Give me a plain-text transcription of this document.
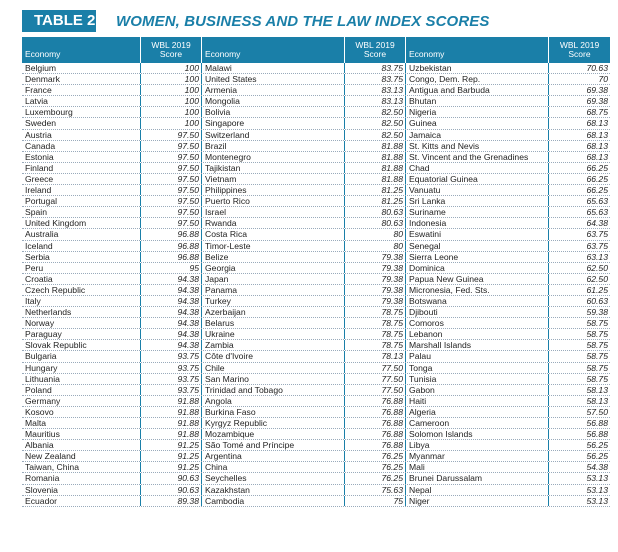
TABLE 2 WOMEN, BUSINESS AND THE LAW INDEX SCORES
Economy
WBL 2019
Score	Economy
WBL 2019
Score	Economy
WBL 2019
Score
Belgium	100 Malawi	83.75 Uzbekistan	70.63
Denmark	100 United States	83.75 Congo, Dem. Rep.	70
France	100 Armenia	83.13 Antigua and Barbuda	69.38
Latvia	100 Mongolia	83.13 Bhutan	69.38
Luxembourg	100 Bolivia	82.50 Nigeria	68.75
Sweden	100 Singapore	82.50 Guinea	68.13
Austria	97.50 Switzerland	82.50 Jamaica	68.13
Canada	97.50 Brazil	81.88 St. Kitts and Nevis	68.13
Estonia	97.50 Montenegro	81.88 St. Vincent and the Grenadines	68.13
Finland	97.50 Tajikistan	81.88 Chad	66.25
Greece	97.50 Vietnam	81.88 Equatorial Guinea	66.25
Ireland	97.50 Philippines	81.25 Vanuatu	66.25
Portugal	97.50 Puerto Rico	81.25 Sri Lanka	65.63
Spain	97.50 Israel	80.63 Suriname	65.63
United Kingdom	97.50 Rwanda	80.63 Indonesia	64.38
Australia	96.88 Costa Rica	80 Eswatini	63.75
Iceland	96.88 Timor-Leste	80 Senegal	63.75
Serbia	96.88 Belize	79.38 Sierra Leone	63.13
Peru	95 Georgia	79.38 Dominica	62.50
Croatia	94.38 Japan	79.38 Papua New Guinea	62.50
Czech Republic	94.38 Panama	79.38 Micronesia, Fed. Sts.	61.25
Italy	94.38 Turkey	79.38 Botswana	60.63
Netherlands	94.38 Azerbaijan	78.75 Djibouti	59.38
Norway	94.38 Belarus	78.75 Comoros	58.75
Paraguay	94.38 Ukraine	78.75 Lebanon	58.75
Slovak Republic	94.38 Zambia	78.75 Marshall Islands	58.75
Bulgaria	93.75 Côte d'Ivoire	78.13 Palau	58.75
Hungary	93.75 Chile	77.50 Tonga	58.75
Lithuania	93.75 San Marino	77.50 Tunisia	58.75
Poland	93.75 Trinidad and Tobago	77.50 Gabon	58.13
Germany	91.88 Angola	76.88 Haiti	58.13
Kosovo	91.88 Burkina Faso	76.88 Algeria	57.50
Malta	91.88 Kyrgyz Republic	76.88 Cameroon	56.88
Mauritius	91.88 Mozambique	76.88 Solomon Islands	56.88
Albania	91.25 São Tomé and Príncipe	76.88 Libya	56.25
New Zealand	91.25 Argentina	76.25 Myanmar	56.25
Taiwan, China	91.25 China	76.25 Mali	54.38
Romania	90.63 Seychelles	76.25 Brunei Darussalam	53.13
Slovenia	90.63 Kazakhstan	75.63 Nepal	53.13
Ecuador	89.38 Cambodia	75 Niger	53.13
